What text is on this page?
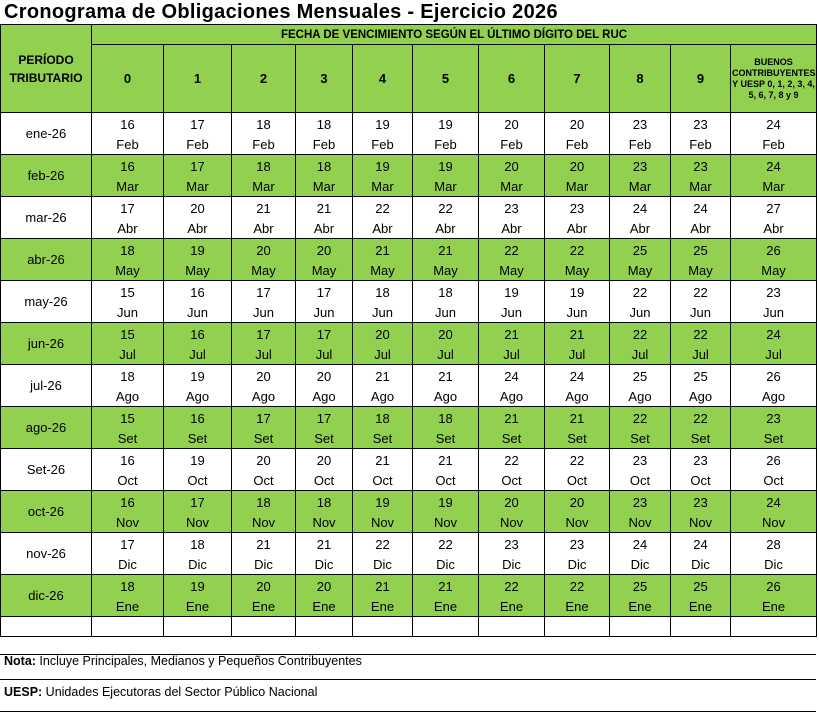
Cronograma de Obligaciones Mensuales - Ejercicio 2026
PERÍODO
TRIBUTARIO	FECHA DE VENCIMIENTO SEGÚN EL ÚLTIMO DÍGITO DEL RUC										
	0	1	2	3	4	5	6	7	8	9	BUENOS CONTRIBUYENTES Y UESP 0, 1, 2, 3, 4, 5, 6, 7, 8 y 9
ene-26	16	17	18	18	19	19	20	20	23	23	24
	Feb	Feb	Feb	Feb	Feb	Feb	Feb	Feb	Feb	Feb	Feb
feb-26	16	17	18	18	19	19	20	20	23	23	24
	Mar	Mar	Mar	Mar	Mar	Mar	Mar	Mar	Mar	Mar	Mar
mar-26	17	20	21	21	22	22	23	23	24	24	27
	Abr	Abr	Abr	Abr	Abr	Abr	Abr	Abr	Abr	Abr	Abr
abr-26	18	19	20	20	21	21	22	22	25	25	26
	May	May	May	May	May	May	May	May	May	May	May
may-26	15	16	17	17	18	18	19	19	22	22	23
	Jun	Jun	Jun	Jun	Jun	Jun	Jun	Jun	Jun	Jun	Jun
jun-26	15	16	17	17	20	20	21	21	22	22	24
	Jul	Jul	Jul	Jul	Jul	Jul	Jul	Jul	Jul	Jul	Jul
jul-26	18	19	20	20	21	21	24	24	25	25	26
	Ago	Ago	Ago	Ago	Ago	Ago	Ago	Ago	Ago	Ago	Ago
ago-26	15	16	17	17	18	18	21	21	22	22	23
	Set	Set	Set	Set	Set	Set	Set	Set	Set	Set	Set
Set-26	16	19	20	20	21	21	22	22	23	23	26
	Oct	Oct	Oct	Oct	Oct	Oct	Oct	Oct	Oct	Oct	Oct
oct-26	16	17	18	18	19	19	20	20	23	23	24
	Nov	Nov	Nov	Nov	Nov	Nov	Nov	Nov	Nov	Nov	Nov
nov-26	17	18	21	21	22	22	23	23	24	24	28
	Dic	Dic	Dic	Dic	Dic	Dic	Dic	Dic	Dic	Dic	Dic
dic-26	18	19	20	20	21	21	22	22	25	25	26
	Ene	Ene	Ene	Ene	Ene	Ene	Ene	Ene	Ene	Ene	Ene

Nota: Incluye Principales, Medianos y Pequeños Contribuyentes
UESP: Unidades Ejecutoras del Sector Público Nacional
